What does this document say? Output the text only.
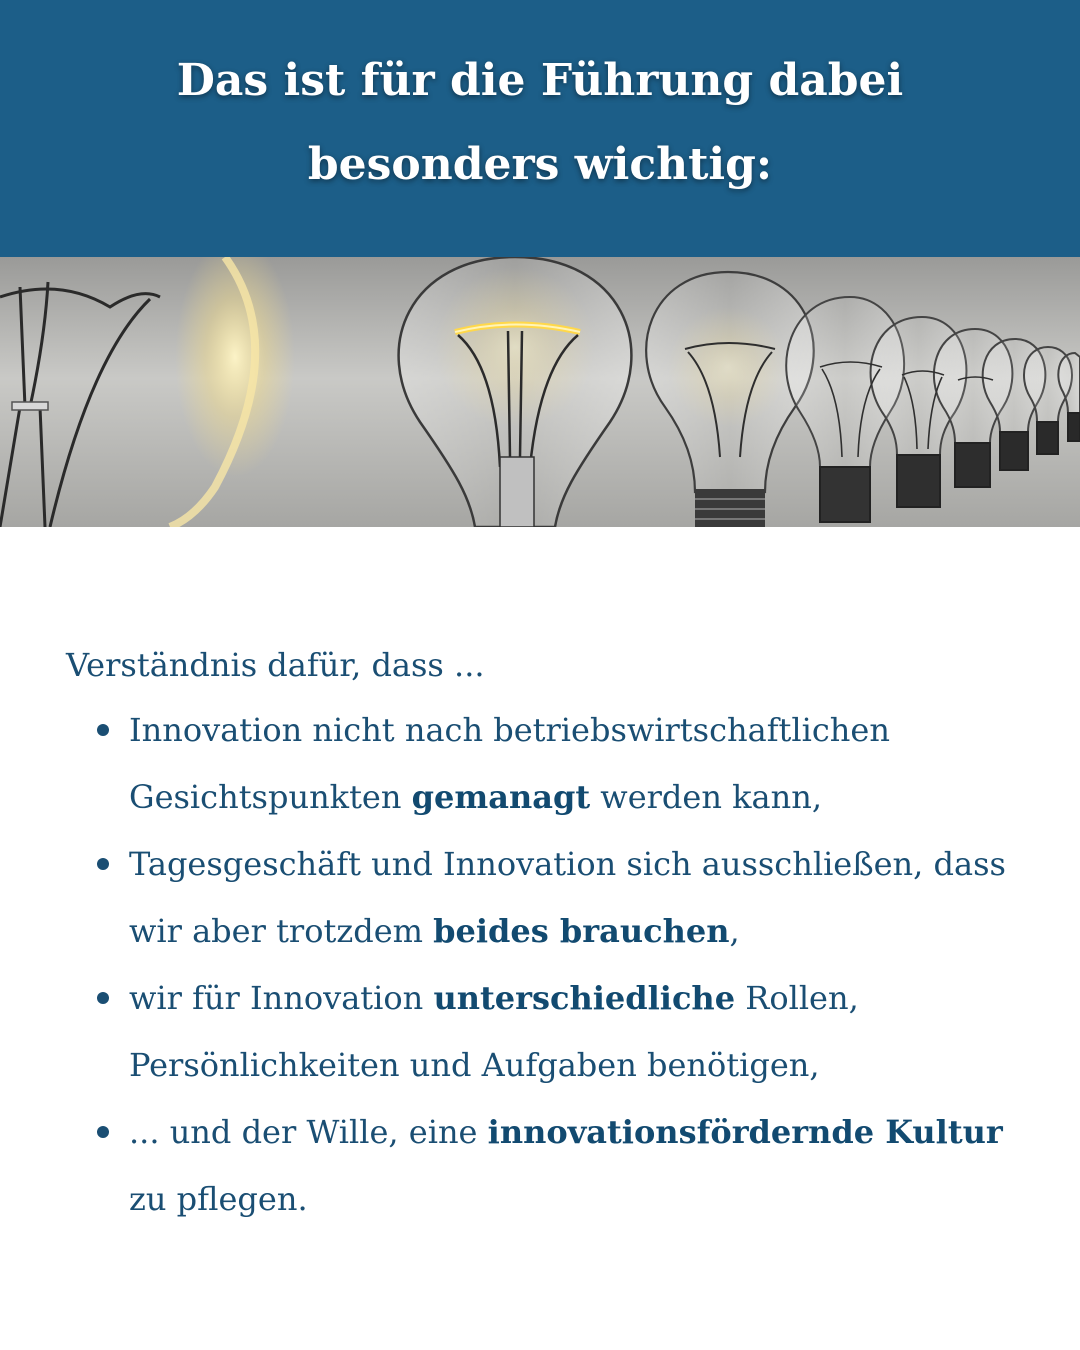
Das ist für die Führung dabei besonders wichtig:

Verständnis dafür, dass ...

Innovation nicht nach betriebswirtschaftlichen Gesichtspunkten gemanagt werden kann,
Tagesgeschäft und Innovation sich ausschließen, dass wir aber trotzdem beides brauchen,
wir für Innovation unterschiedliche Rollen, Persönlichkeiten und Aufgaben benötigen,
... und der Wille, eine innovationsfördernde Kultur zu pflegen.
